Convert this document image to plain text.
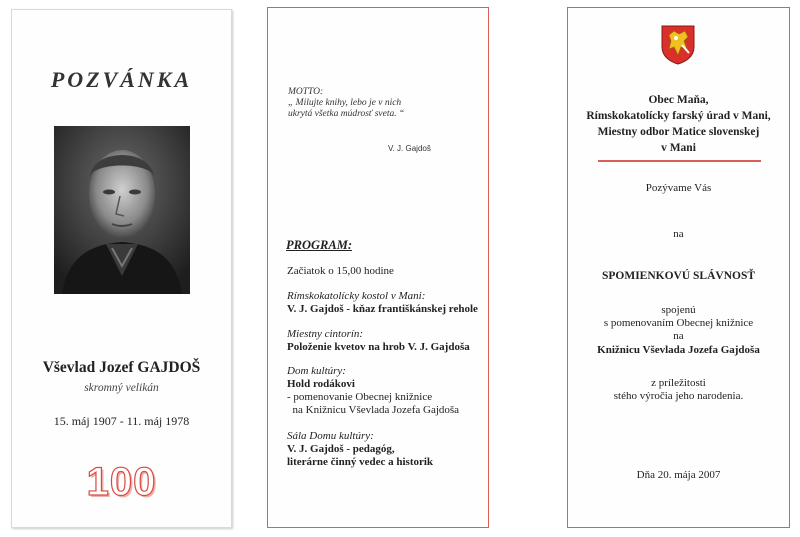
POZVÁNKA
Vševlad Jozef GAJDOŠ
skromný velikán
15. máj 1907 - 11. máj 1978
100
MOTTO:
„ Milujte knihy, lebo je v nich
ukrytá všetka múdrosť sveta. “
V. J. Gajdoš
PROGRAM:
Začiatok o 15,00 hodine
Rímskokatolícky kostol v Mani:
V. J. Gajdoš - kňaz františkánskej rehole
Miestny cintorín:
Položenie kvetov na hrob V. J. Gajdoša
Dom kultúry:
Hold rodákovi
- pomenovanie Obecnej knižnice
na Knižnicu Vševlada Jozefa Gajdoša
Sála Domu kultúry:
V. J. Gajdoš - pedagóg,
literárne činný vedec a historik
Obec Maňa,
Rímskokatolícky farský úrad v Mani,
Miestny odbor Matice slovenskej
v Mani
Pozývame Vás
na
SPOMIENKOVÚ SLÁVNOSŤ
spojenú
s pomenovaním Obecnej knižnice
na
Knižnicu Vševlada Jozefa Gajdoša
z príležitosti
stého výročia jeho narodenia.
Dňa 20. mája 2007
